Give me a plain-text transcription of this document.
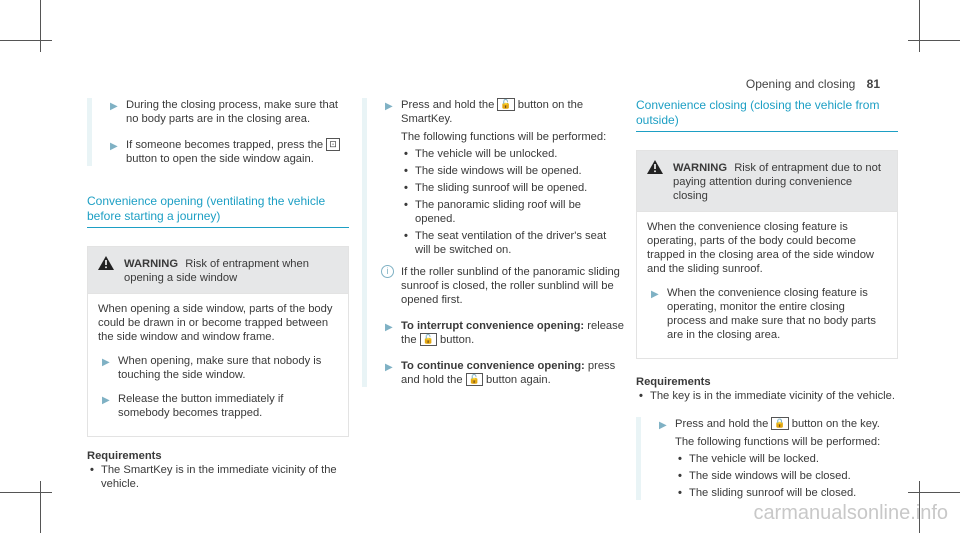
Opening and closing 81
▶ During the closing process, make sure that no body parts are in the closing area.
▶ If someone becomes trapped, press the ⊡ button to open the side window again.
Convenience opening (ventilating the vehicle before starting a journey)
WARNING Risk of entrapment when opening a side window
When opening a side window, parts of the body could be drawn in or become trapped between the side window and window frame.
▶ When opening, make sure that nobody is touching the side window.
▶ Release the button immediately if somebody becomes trapped.
Requirements
• The SmartKey is in the immediate vicinity of the vehicle.
▶ Press and hold the 🔓 button on the SmartKey.
The following functions will be performed:
• The vehicle will be unlocked.
• The side windows will be opened.
• The sliding sunroof will be opened.
• The panoramic sliding roof will be opened.
• The seat ventilation of the driver's seat will be switched on.
i	If the roller sunblind of the panoramic sliding sunroof is closed, the roller sunblind will be opened first.
▶ To interrupt convenience opening: release the 🔓 button.
▶ To continue convenience opening: press and hold the 🔓 button again.
Convenience closing (closing the vehicle from outside)
WARNING Risk of entrapment due to not paying attention during convenience closing
When the convenience closing feature is operating, parts of the body could become trapped in the closing area of the side window and the sliding sunroof.
▶ When the convenience closing feature is operating, monitor the entire closing process and make sure that no body parts are in the closing area.
Requirements
• The key is in the immediate vicinity of the vehicle.
▶ Press and hold the 🔒 button on the key.
The following functions will be performed:
• The vehicle will be locked.
• The side windows will be closed.
• The sliding sunroof will be closed.
carmanualsonline.info
